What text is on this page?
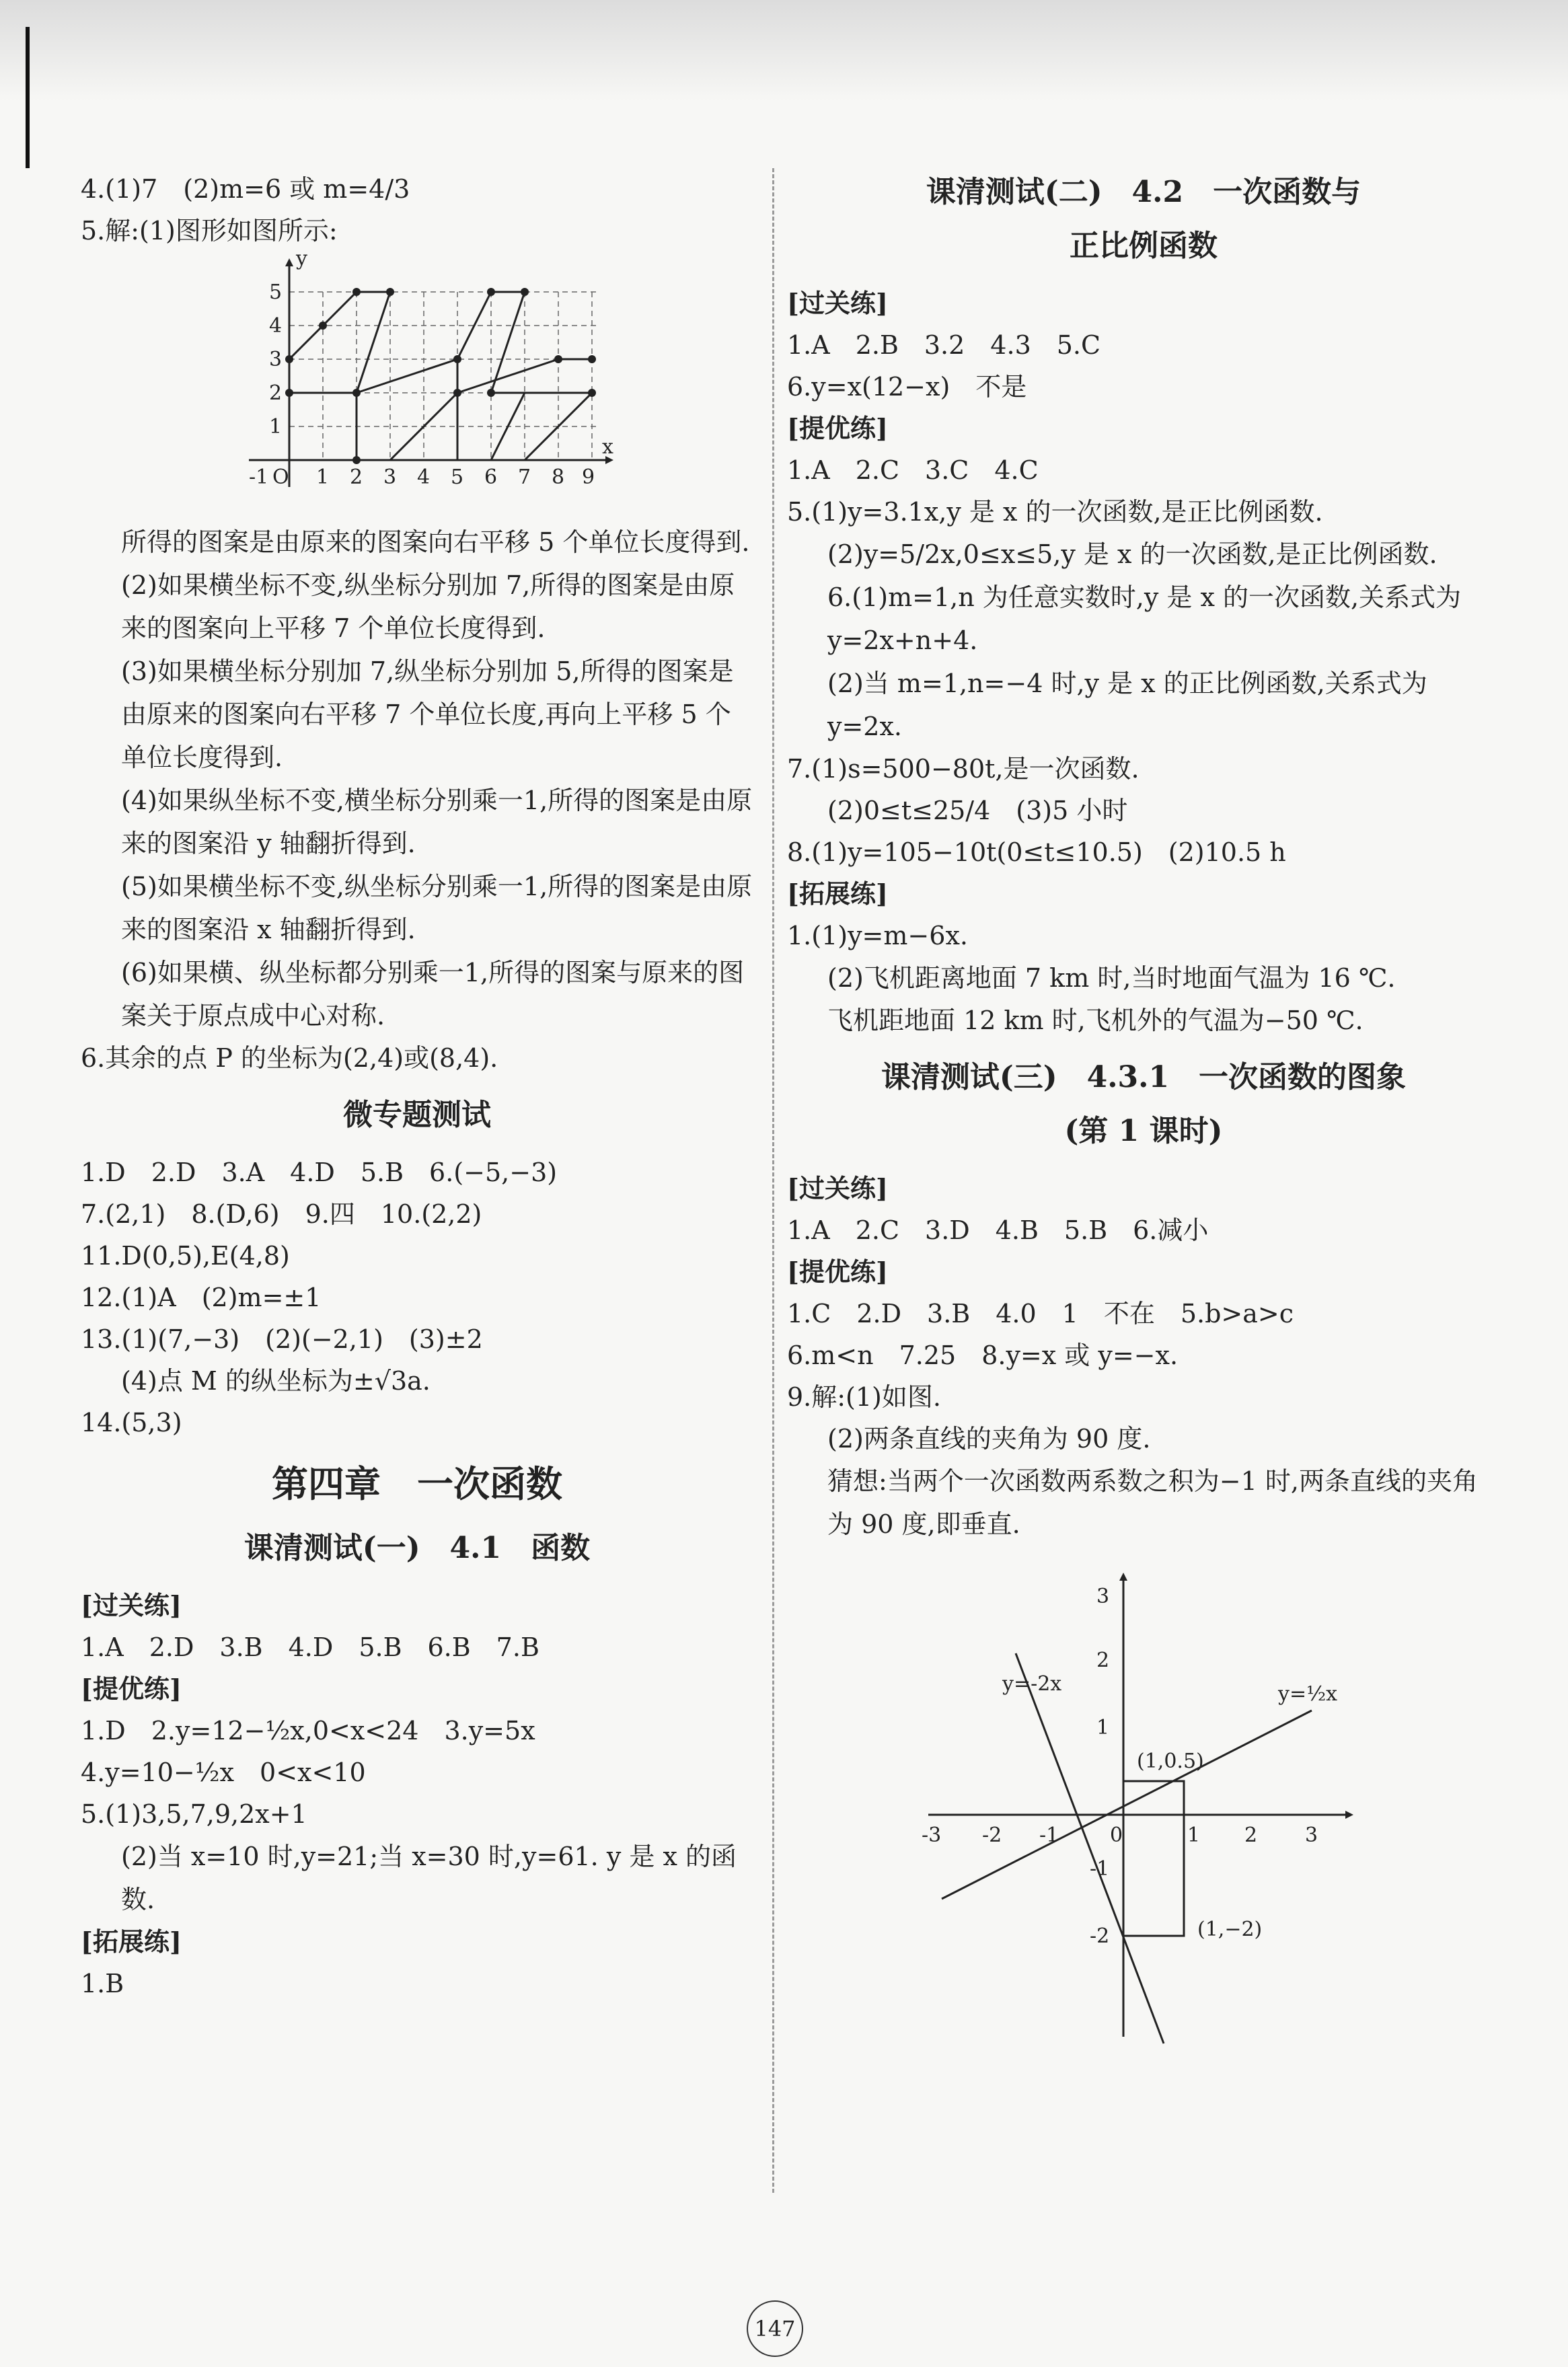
4.(1)7　(2)m=6 或 m=4/3
5.解:(1)图形如图所示:
y
x
-1 O 1 2 3 4 5 6 7 8 9
1
2
3
4
5
所得的图案是由原来的图案向右平移 5 个单位长度得到.
(2)如果横坐标不变,纵坐标分别加 7,所得的图案是由原来的图案向上平移 7 个单位长度得到.
(3)如果横坐标分别加 7,纵坐标分别加 5,所得的图案是由原来的图案向右平移 7 个单位长度,再向上平移 5 个单位长度得到.
(4)如果纵坐标不变,横坐标分别乘一1,所得的图案是由原来的图案沿 y 轴翻折得到.
(5)如果横坐标不变,纵坐标分别乘一1,所得的图案是由原来的图案沿 x 轴翻折得到.
(6)如果横、纵坐标都分别乘一1,所得的图案与原来的图案关于原点成中心对称.
6.其余的点 P 的坐标为(2,4)或(8,4).
微专题测试
1.D　2.D　3.A　4.D　5.B　6.(−5,−3)
7.(2,1)　8.(D,6)　9.四　10.(2,2)
11.D(0,5),E(4,8)
12.(1)A　(2)m=±1
13.(1)(7,−3)　(2)(−2,1)　(3)±2
(4)点 M 的纵坐标为±√3a.
14.(5,3)
第四章　一次函数
课清测试(一)　4.1　函数
[过关练]
1.A　2.D　3.B　4.D　5.B　6.B　7.B
[提优练]
1.D　2.y=12−½x,0<x<24　3.y=5x
4.y=10−½x　0<x<10
5.(1)3,5,7,9,2x+1
(2)当 x=10 时,y=21;当 x=30 时,y=61. y 是 x 的函数.
[拓展练]
1.B
课清测试(二)　4.2　一次函数与
正比例函数
[过关练]
1.A　2.B　3.2　4.3　5.C
6.y=x(12−x)　不是
[提优练]
1.A　2.C　3.C　4.C
5.(1)y=3.1x,y 是 x 的一次函数,是正比例函数.
(2)y=5/2x,0≤x≤5,y 是 x 的一次函数,是正比例函数.
6.(1)m=1,n 为任意实数时,y 是 x 的一次函数,关系式为 y=2x+n+4.
(2)当 m=1,n=−4 时,y 是 x 的正比例函数,关系式为 y=2x.
7.(1)s=500−80t,是一次函数.
(2)0≤t≤25/4　(3)5 小时
8.(1)y=105−10t(0≤t≤10.5)　(2)10.5 h
[拓展练]
1.(1)y=m−6x.
(2)飞机距离地面 7 km 时,当时地面气温为 16 ℃.
飞机距地面 12 km 时,飞机外的气温为−50 ℃.
课清测试(三)　4.3.1　一次函数的图象
(第 1 课时)
[过关练]
1.A　2.C　3.D　4.B　5.B　6.减小
[提优练]
1.C　2.D　3.B　4.0　1　不在　5.b>a>c
6.m<n　7.25　8.y=x 或 y=−x.
9.解:(1)如图.
(2)两条直线的夹角为 90 度.
猜想:当两个一次函数两系数之积为−1 时,两条直线的夹角为 90 度,即垂直.
-3 -2 -1	0	1 2 3
3
2
1
-1
-2
y=-2x	y=½x
(1,0.5)
(1,−2)
147
